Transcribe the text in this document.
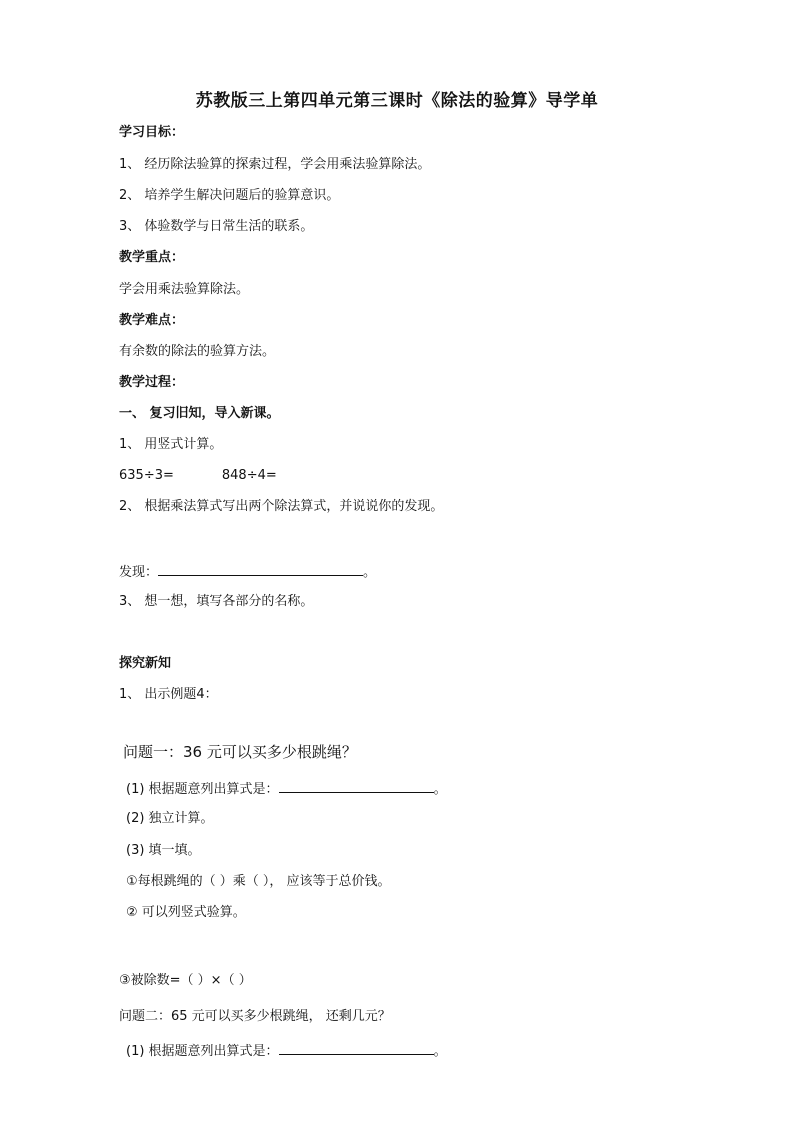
苏教版三上第四单元第三课时《除法的验算》导学单
学习目标：
1、 经历除法验算的探索过程，学会用乘法验算除法。
2、 培养学生解决问题后的验算意识。
3、 体验数学与日常生活的联系。
教学重点：
学会用乘法验算除法。
教学难点：
有余数的除法的验算方法。
教学过程：
一、 复习旧知，导入新课。
1、 用竖式计算。
635÷3=	848÷4=
2、 根据乘法算式写出两个除法算式，并说说你的发现。
发现：	。
3、 想一想，填写各部分的名称。
探究新知
1、 出示例题4：
问题一：36 元可以买多少根跳绳？
(1) 根据题意列出算式是：	。
(2) 独立计算。
(3) 填一填。
①每根跳绳的（ ）乘（ ）， 应该等于总价钱。
② 可以列竖式验算。
③被除数=（ ）×（ ）
问题二：65 元可以买多少根跳绳， 还剩几元？
(1) 根据题意列出算式是：	。
